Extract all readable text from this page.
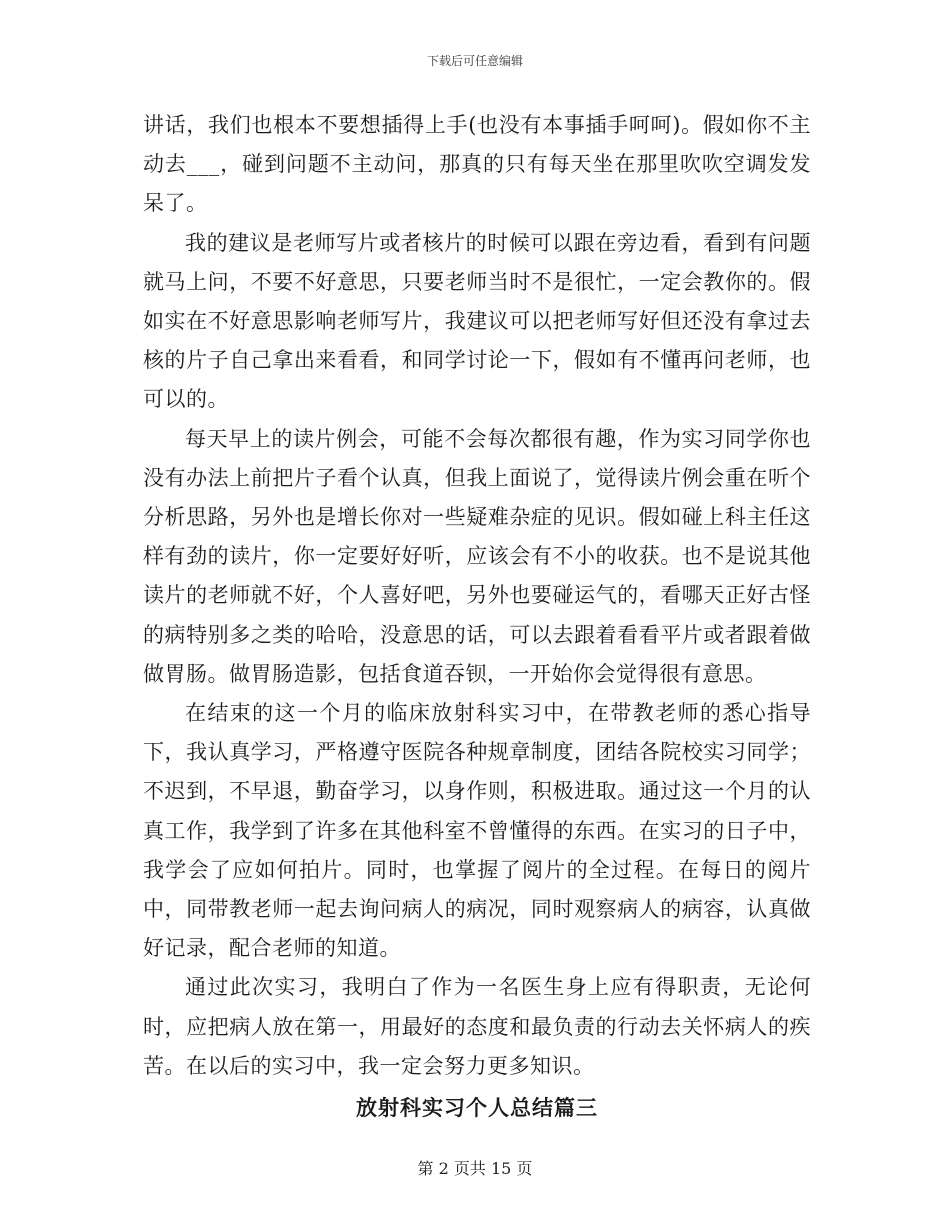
下载后可任意编辑

讲话，我们也根本不要想插得上手(也没有本事插手呵呵)。假如你不主动去___，碰到问题不主动问，那真的只有每天坐在那里吹吹空调发发呆了。

我的建议是老师写片或者核片的时候可以跟在旁边看，看到有问题就马上问，不要不好意思，只要老师当时不是很忙，一定会教你的。假如实在不好意思影响老师写片，我建议可以把老师写好但还没有拿过去核的片子自己拿出来看看，和同学讨论一下，假如有不懂再问老师，也可以的。

每天早上的读片例会，可能不会每次都很有趣，作为实习同学你也没有办法上前把片子看个认真，但我上面说了，觉得读片例会重在听个分析思路，另外也是增长你对一些疑难杂症的见识。假如碰上科主任这样有劲的读片，你一定要好好听，应该会有不小的收获。也不是说其他读片的老师就不好，个人喜好吧，另外也要碰运气的，看哪天正好古怪的病特别多之类的哈哈，没意思的话，可以去跟着看看平片或者跟着做做胃肠。做胃肠造影，包括食道吞钡，一开始你会觉得很有意思。

在结束的这一个月的临床放射科实习中，在带教老师的悉心指导下，我认真学习，严格遵守医院各种规章制度，团结各院校实习同学；不迟到，不早退，勤奋学习，以身作则，积极进取。通过这一个月的认真工作，我学到了许多在其他科室不曾懂得的东西。在实习的日子中，我学会了应如何拍片。同时，也掌握了阅片的全过程。在每日的阅片中，同带教老师一起去询问病人的病况，同时观察病人的病容，认真做好记录，配合老师的知道。

通过此次实习，我明白了作为一名医生身上应有得职责，无论何时，应把病人放在第一，用最好的态度和最负责的行动去关怀病人的疾苦。在以后的实习中，我一定会努力更多知识。

放射科实习个人总结篇三
第 2 页共 15 页
